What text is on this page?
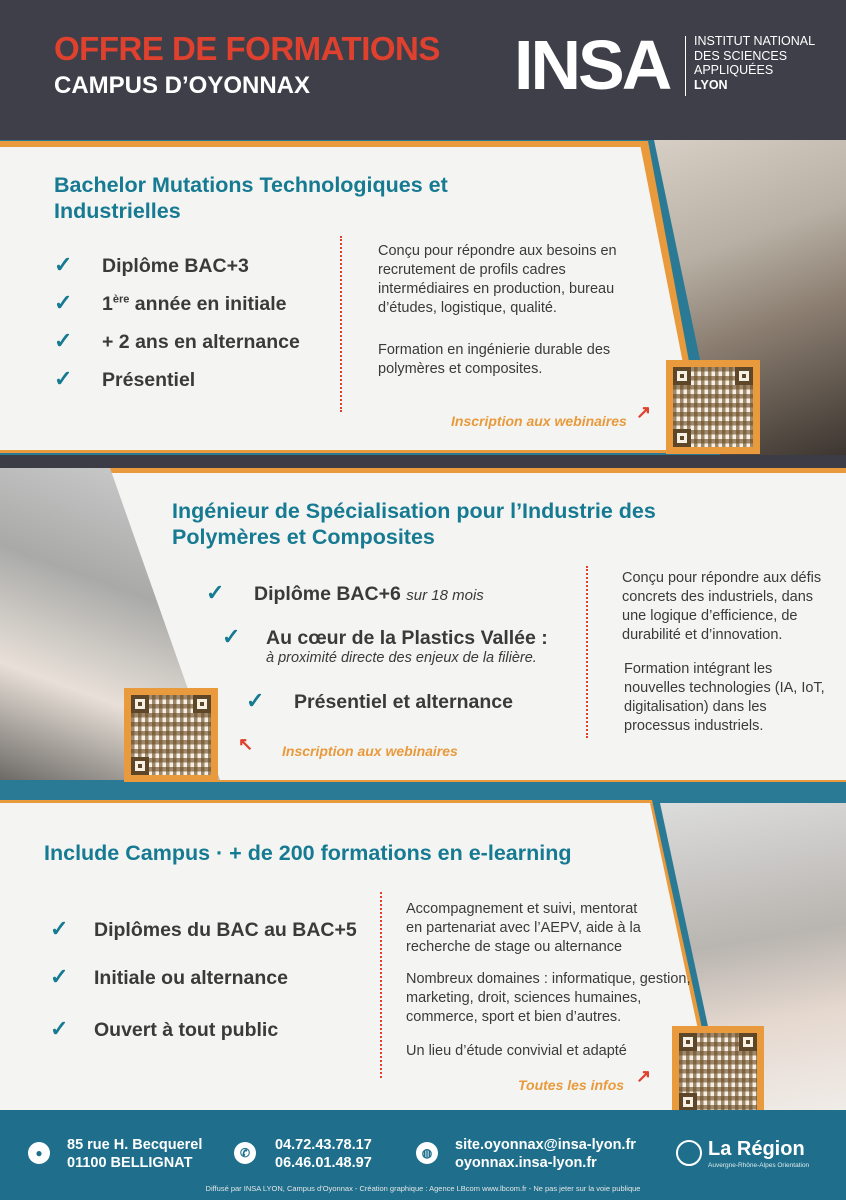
OFFRE DE FORMATIONS
CAMPUS D’OYONNAX	INSA INSTITUT NATIONAL
DES SCIENCES
APPLIQUÉES
LYON
Bachelor Mutations Technologiques et
Industrielles
✓	Diplôme BAC+3
✓	1ère année en initiale
✓	+ 2 ans en alternance
✓	Présentiel
Conçu pour répondre aux besoins en recrutement de profils cadres intermédiaires en production, bureau d’études, logistique, qualité.
Formation en ingénierie durable des polymères et composites.
Inscription aux webinaires ↗
Ingénieur de Spécialisation pour l’Industrie des
Polymères et Composites
✓	Diplôme BAC+6 sur 18 mois
✓	Au cœur de la Plastics Vallée :
à proximité directe des enjeux de la filière.
✓	Présentiel et alternance
Conçu pour répondre aux défis concrets des industriels, dans une logique d’efficience, de durabilité et d’innovation.
Formation intégrant les nouvelles technologies (IA, IoT, digitalisation) dans les processus industriels.
↖ Inscription aux webinaires
Include Campus · + de 200 formations en e-learning
✓	Diplômes du BAC au BAC+5
✓	Initiale ou alternance
✓	Ouvert à tout public
Accompagnement et suivi, mentorat en partenariat avec l’AEPV, aide à la recherche de stage ou alternance
Nombreux domaines : informatique, gestion, marketing, droit, sciences humaines, commerce, sport et bien d’autres.
Un lieu d’étude convivial et adapté
Toutes les infos ↗
●	85 rue H. Becquerel
01100 BELLIGNAT
✆	04.72.43.78.17
06.46.01.48.97
◍	site.oyonnax@insa-lyon.fr
oyonnax.insa-lyon.fr
La Région
Auvergne-Rhône-Alpes Orientation
Diffusé par INSA LYON, Campus d’Oyonnax - Création graphique : Agence LBcom www.lbcom.fr - Ne pas jeter sur la voie publique
